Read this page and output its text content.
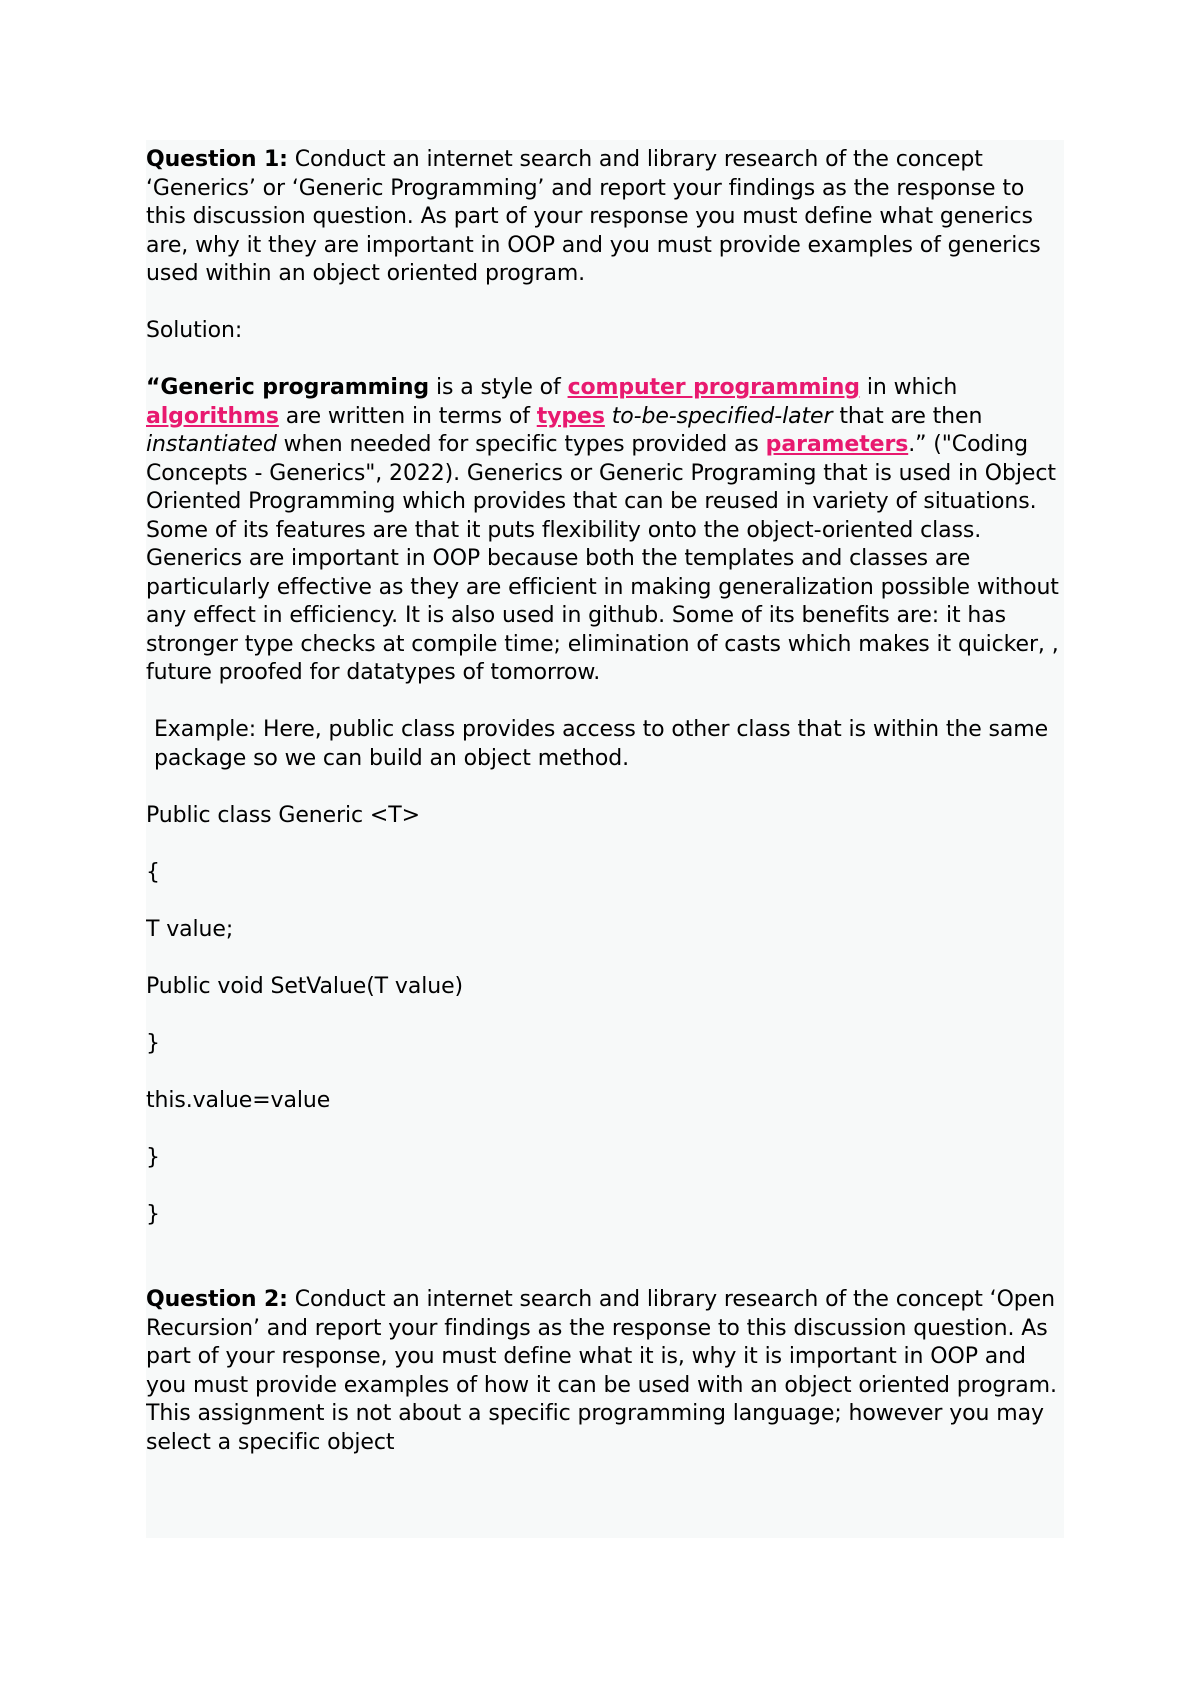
Question 1: Conduct an internet search and library research of the concept ‘Generics’ or ‘Generic Programming’ and report your findings as the response to this discussion question. As part of your response you must define what generics are, why it they are important in OOP and you must provide examples of generics used within an object oriented program.

Solution:

“Generic programming is a style of computer programming in which algorithms are written in terms of types to-be-specified-later that are then instantiated when needed for specific types provided as parameters.” ("Coding Concepts - Generics", 2022). Generics or Generic Programing that is used in Object Oriented Programming which provides that can be reused in variety of situations. Some of its features are that it puts flexibility onto the object-oriented class. Generics are important in OOP because both the templates and classes are particularly effective as they are efficient in making generalization possible without any effect in efficiency. It is also used in github. Some of its benefits are: it has stronger type checks at compile time; elimination of casts which makes it quicker, , future proofed for datatypes of tomorrow.

Example: Here, public class provides access to other class that is within the same package so we can build an object method.

Public class Generic <T>

{

T value;

Public void SetValue(T value)

}

this.value=value

}

}

Question 2: Conduct an internet search and library research of the concept ‘Open Recursion’ and report your findings as the response to this discussion question. As part of your response, you must define what it is, why it is important in OOP and you must provide examples of how it can be used with an object oriented program. This assignment is not about a specific programming language; however you may select a specific object
